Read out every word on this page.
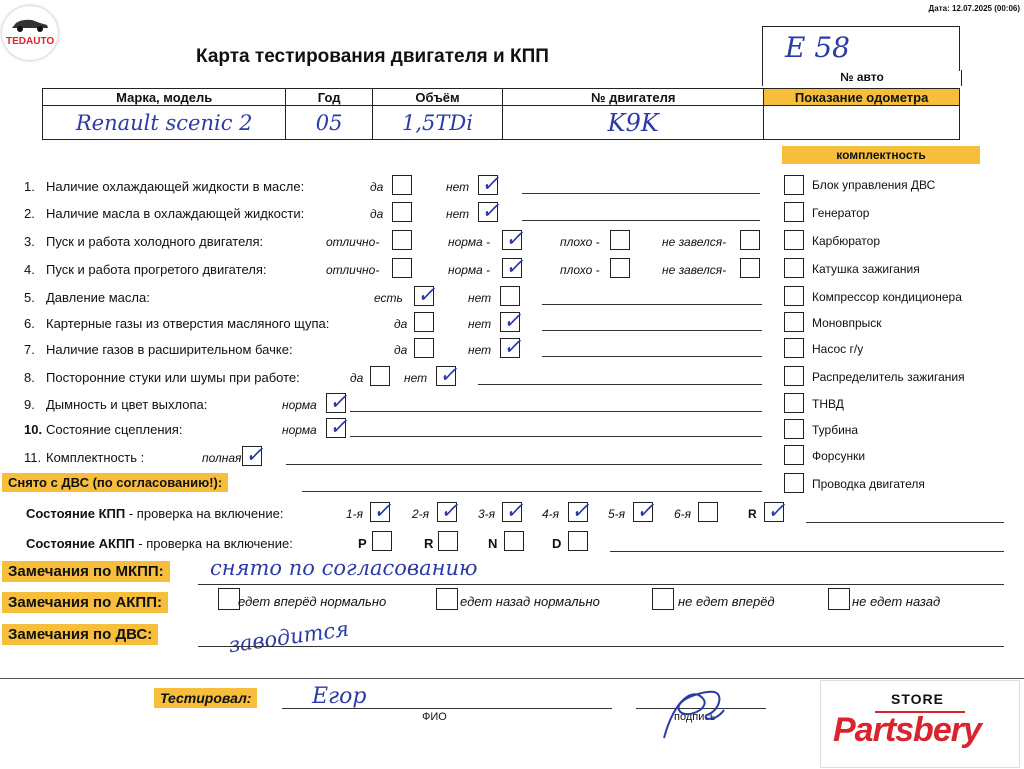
Дата: 12.07.2025 (00:06)
TEDAUTO
Карта тестирования двигателя и КПП	E 58
№ авто
Марка, модель	Год	Объём	№ двигателя	Показание одометра
Renault scenic 2	05	1,5TDi	K9K	
комплектность
1. Наличие охлаждающей жидкости в масле:	да	нет ✓
2. Наличие масла в охлаждающей жидкости:	да	нет ✓
3. Пуск и работа холодного двигателя:	отлично-	норма - ✓	плохо -	не завелся-
4. Пуск и работа прогретого двигателя:	отлично-	норма - ✓	плохо -	не завелся-
5. Давление масла:	есть ✓	нет
6. Картерные газы из отверстия масляного щупа:	да	нет ✓
7. Наличие газов в расширительном бачке:	да	нет ✓
8. Посторонние стуки или шумы при работе:	да	нет ✓
9. Дымность и цвет выхлопа:	норма ✓
10. Состояние сцепления:	норма ✓
11. Комплектность :	полная ✓
Блок управления ДВС
Генератор
Карбюратор
Катушка зажигания
Компрессор кондиционера
Моновпрыск
Насос г/у
Распределитель зажигания
ТНВД
Турбина
Форсунки
Проводка двигателя
Снято с ДВС (по согласованию!):
Состояние КПП - проверка на включение:	1-я ✓ 2-я ✓ 3-я ✓ 4-я ✓ 5-я ✓ 6-я	R ✓
Состояние АКПП - проверка на включение:	P	R	N	D
Замечания по МКПП: снято по согласованию
Замечания по АКПП:	едет вперёд нормально	едет назад нормально	не едет вперёд	не едет назад
Замечания по ДВС:	заводится
Тестировал:	Егор
ФИО	подпись
STORE
Partsbery
